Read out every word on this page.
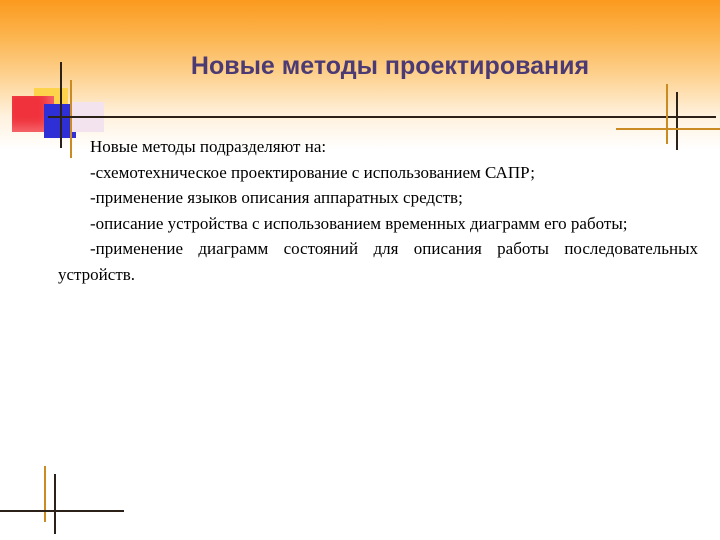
Новые методы проектирования

Новые методы подразделяют на:

-схемотехническое проектирование с использованием САПР;

-применение языков описания аппаратных средств;

-описание устройства с использованием временных диаграмм его работы;

-применение диаграмм состояний для описания работы последовательных устройств.
